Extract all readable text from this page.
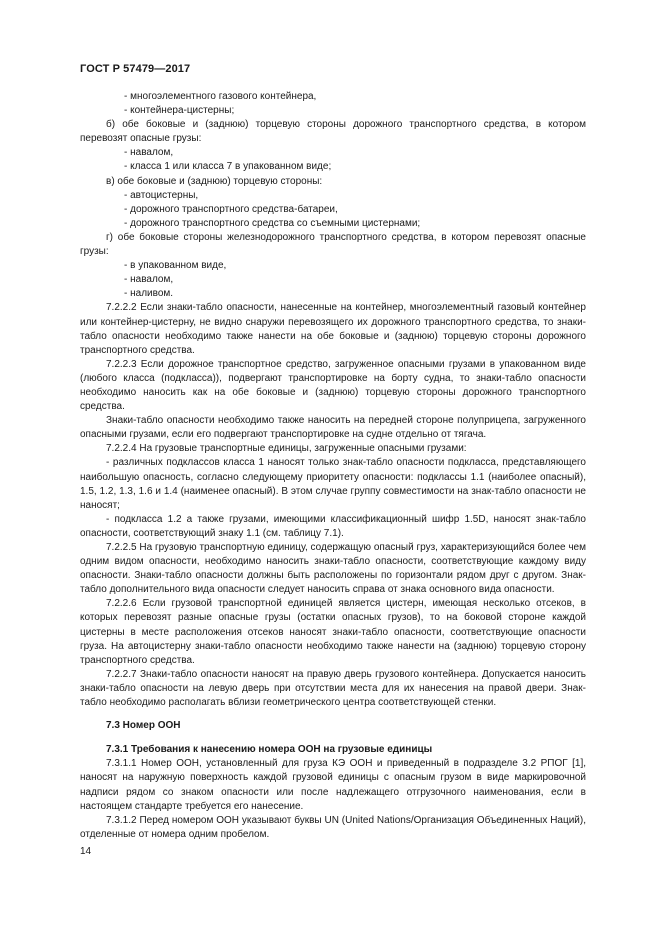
ГОСТ Р 57479—2017

- многоэлементного газового контейнера,

- контейнера-цистерны;

б) обе боковые и (заднюю) торцевую стороны дорожного транспортного средства, в котором перевозят опасные грузы:

- навалом,

- класса 1 или класса 7 в упакованном виде;

в) обе боковые и (заднюю) торцевую стороны:

- автоцистерны,

- дорожного транспортного средства-батареи,

- дорожного транспортного средства со съемными цистернами;

г) обе боковые стороны железнодорожного транспортного средства, в котором перевозят опасные грузы:

- в упакованном виде,

- навалом,

- наливом.

7.2.2.2 Если знаки-табло опасности, нанесенные на контейнер, многоэлементный газовый контейнер или контейнер-цистерну, не видно снаружи перевозящего их дорожного транспортного средства, то знаки-табло опасности необходимо также нанести на обе боковые и (заднюю) торцевую стороны дорожного транспортного средства.

7.2.2.3 Если дорожное транспортное средство, загруженное опасными грузами в упакованном виде (любого класса (подкласса)), подвергают транспортировке на борту судна, то знаки-табло опасности необходимо наносить как на обе боковые и (заднюю) торцевую стороны дорожного транспортного средства.

Знаки-табло опасности необходимо также наносить на передней стороне полуприцепа, загруженного опасными грузами, если его подвергают транспортировке на судне отдельно от тягача.

7.2.2.4 На грузовые транспортные единицы, загруженные опасными грузами:

- различных подклассов класса 1 наносят только знак-табло опасности подкласса, представляющего наибольшую опасность, согласно следующему приоритету опасности: подклассы 1.1 (наиболее опасный), 1.5, 1.2, 1.3, 1.6 и 1.4 (наименее опасный). В этом случае группу совместимости на знак-табло опасности не наносят;

- подкласса 1.2 а также грузами, имеющими классификационный шифр 1.5D, наносят знак-табло опасности, соответствующий знаку 1.1 (см. таблицу 7.1).

7.2.2.5 На грузовую транспортную единицу, содержащую опасный груз, характеризующийся более чем одним видом опасности, необходимо наносить знаки-табло опасности, соответствующие каждому виду опасности. Знаки-табло опасности должны быть расположены по горизонтали рядом друг с другом. Знак-табло дополнительного вида опасности следует наносить справа от знака основного вида опасности.

7.2.2.6 Если грузовой транспортной единицей является цистерн, имеющая несколько отсеков, в которых перевозят разные опасные грузы (остатки опасных грузов), то на боковой стороне каждой цистерны в месте расположения отсеков наносят знаки-табло опасности, соответствующие опасности груза. На автоцистерну знаки-табло опасности необходимо также нанести на (заднюю) торцевую сторону транспортного средства.

7.2.2.7 Знаки-табло опасности наносят на правую дверь грузового контейнера. Допускается наносить знаки-табло опасности на левую дверь при отсутствии места для их нанесения на правой двери. Знак-табло необходимо располагать вблизи геометрического центра соответствующей стенки.

7.3 Номер ООН

7.3.1 Требования к нанесению номера ООН на грузовые единицы

7.3.1.1 Номер ООН, установленный для груза КЭ ООН и приведенный в подразделе 3.2 РПОГ [1], наносят на наружную поверхность каждой грузовой единицы с опасным грузом в виде маркировочной надписи рядом со знаком опасности или после надлежащего отгрузочного наименования, если в настоящем стандарте требуется его нанесение.

7.3.1.2 Перед номером ООН указывают буквы UN (United Nations/Организация Объединенных Наций), отделенные от номера одним пробелом.

14
